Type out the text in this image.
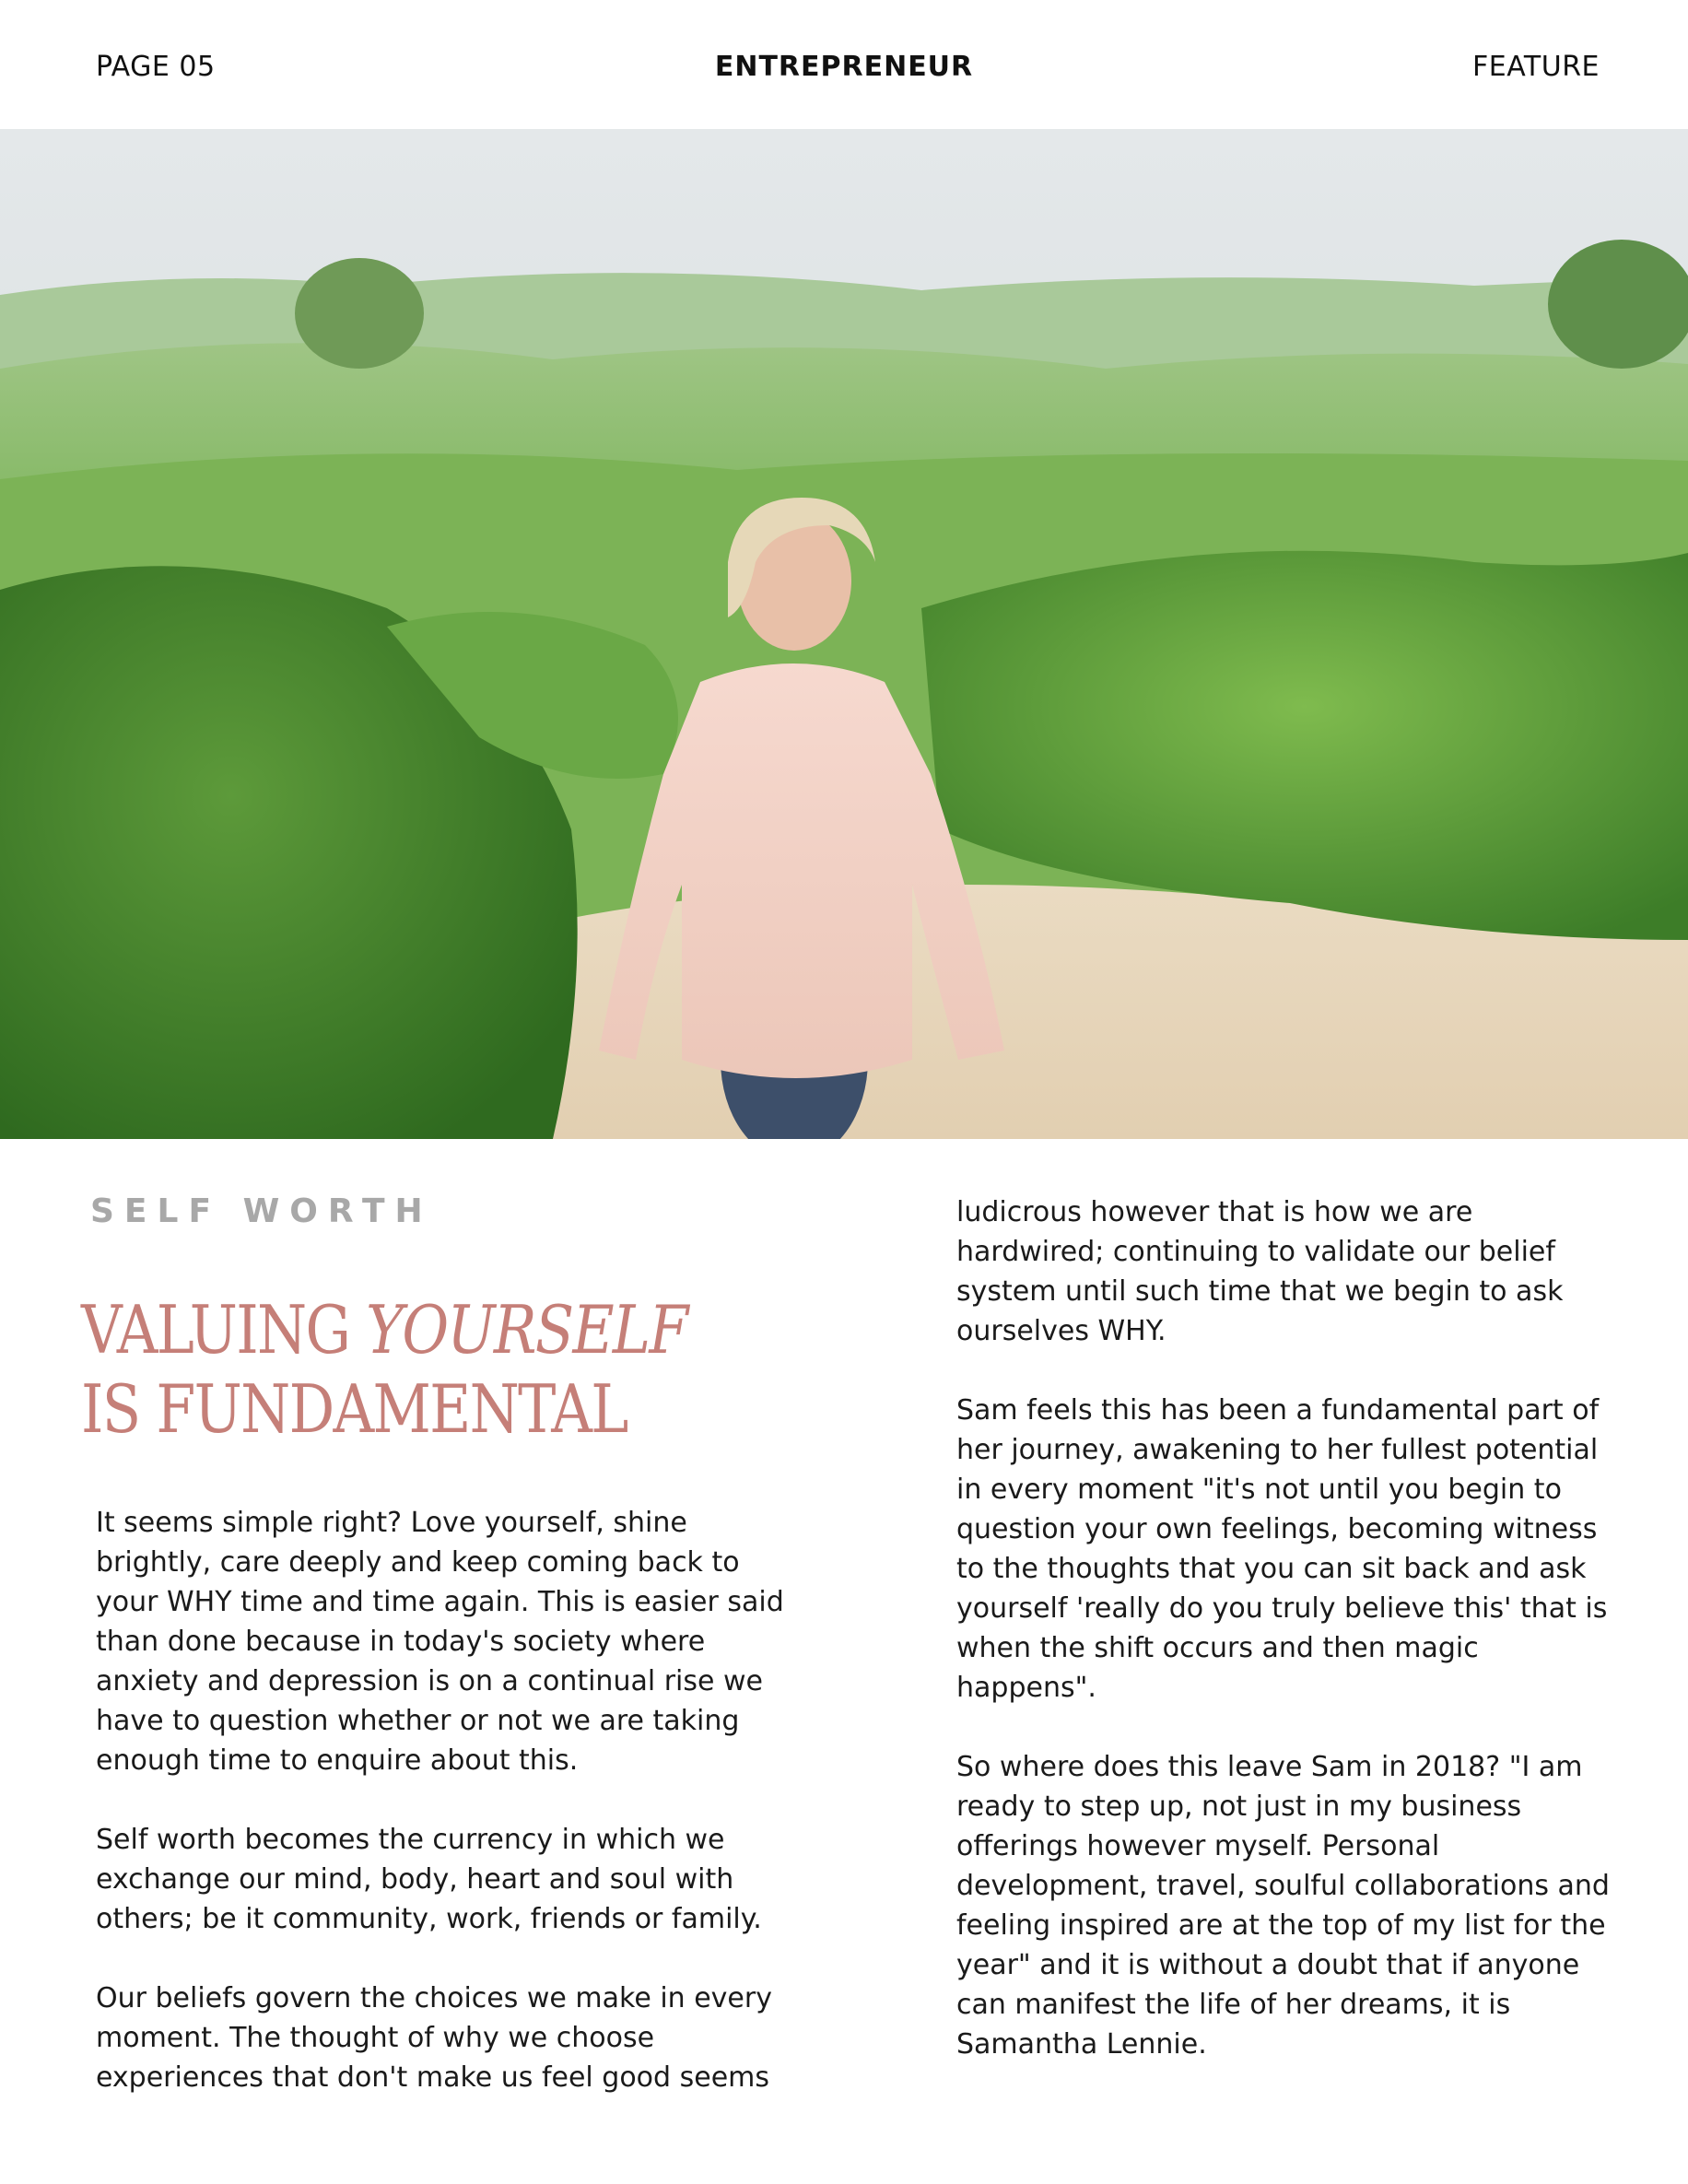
PAGE 05	ENTREPRENEUR	FEATURE
SELF WORTH
VALUING YOURSELF
IS FUNDAMENTAL

It seems simple right? Love yourself, shine brightly, care deeply and keep coming back to your WHY time and time again. This is easier said than done because in today's society where anxiety and depression is on a continual rise we have to question whether or not we are taking enough time to enquire about this.

Self worth becomes the currency in which we exchange our mind, body, heart and soul with others; be it community, work, friends or family.

Our beliefs govern the choices we make in every moment. The thought of why we choose experiences that don't make us feel good seems

ludicrous however that is how we are hardwired; continuing to validate our belief system until such time that we begin to ask ourselves WHY.

Sam feels this has been a fundamental part of her journey, awakening to her fullest potential in every moment "it's not until you begin to question your own feelings, becoming witness to the thoughts that you can sit back and ask yourself 'really do you truly believe this' that is when the shift occurs and then magic happens".

So where does this leave Sam in 2018? "I am ready to step up, not just in my business offerings however myself. Personal development, travel, soulful collaborations and feeling inspired are at the top of my list for the year" and it is without a doubt that if anyone can manifest the life of her dreams, it is Samantha Lennie.
